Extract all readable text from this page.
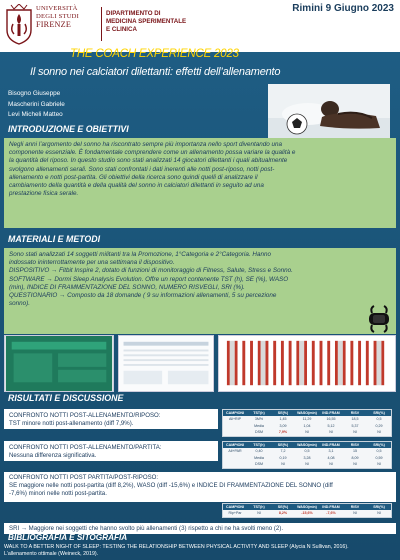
UNIVERSITÀ
DEGLI STUDI
FIRENZE
DIPARTIMENTO DI
MEDICINA SPERIMENTALE
E CLINICA
Rimini 9 Giugno 2023
THE COACH EXPERIENCE 2023
Il sonno nei calciatori dilettanti: effetti dell’allenamento
Bisogno Giuseppe
Mascherini Gabriele
Levi Micheli Matteo
INTRODUZIONE E OBIETTIVI
Negli anni l’argomento del sonno ha riscontrato sempre più importanza nello sport diventando una
componente essenziale. È fondamentale comprendere come un allenamento possa variare la qualità e
la quantità del riposo. In questo studio sono stati analizzati 14 giocatori dilettanti i quali abitualmente
svolgono allenamenti serali. Sono stati confrontati i dati inerenti alle notti post-riposo, notti post-
allenamento e notti post-partita. Gli obiettivi della ricerca sono quindi quelli di analizzare il
cambiamento della quantità e della qualità del sonno in calciatori dilettanti in seguito ad una
prestazione fisica serale.
MATERIALI E METODI
Sono stati analizzati 14 soggetti militanti tra la Promozione, 1°Categoria e 2°Categoria. Hanno
indossato ininterrottamente per una settimana il dispositivo.
DISPOSITIVO → Fitbit Inspire 2, dotato di funzioni di monitoraggio di Fitness, Salute, Stress e Sonno.
SOFTWARE → Dormi Sleep Analysis Evolution. Offre un report contenente TST (h), SE (%), WASO
(min), INDICE DI FRAMMENTAZIONE DEL SONNO, NUMERO RISVEGLI, SRI (%).
QUESTIONARIO → Composto da 18 domande ( 9 su informazioni allenamenti, 5 su percezione
sonno).
RISULTATI E DISCUSSIONE
CONFRONTO NOTTI POST-ALLENAMENTO/RIPOSO:
TST minore notti post-allenamento (diff 7,9%).
CAMPIONI	TST(h)	SE(%)	WASO(min)	IND.FRAM	RISV	SRI(%)
All+RIP	3M%	1,45	11,29	16,55	18,5	0,5
Media	3,09	1,04	5,12	5,37	0,29
DSM	7,9%	NI	NI	NI	NI
CONFRONTO NOTTI POST-ALLENAMENTO/PARTITA:
Nessuna differenza significativa.
CAMPIONI	TST(h)	SE(%)	WASO(min)	IND.FRAM	RISV	SRI(%)
All+PAR	0,40	7,2	0,5	3,1	15	0,5
Media	0,19	3,28	4,08	8,09	0,59
DSM	NI	NI	NI	NI	NI
CONFRONTO NOTTI POST PARTITA/POST-RIPOSO:
SE maggiore nelle notti post-partita (diff 8,2%), WASO (diff -15,6%) e INDICE DI FRAMMENTAZIONE DEL SONNO (diff
-7,6%) minori nelle notti post-partita.
CAMPIONI	TST(h)	SE(%)	WASO(min)	IND.FRAM	RISV	SRI(%)
Rip+Par	NI	8,2%	-15,6%	-7,6%	NI	NI
SRI → Maggiore nei soggetti che hanno svolto più allenamenti (3) rispetto a chi ne ha svolti meno (2).
BIBLIOGRAFIA E SITOGRAFIA
WALK TO A BETTER NIGHT OF SLEEP: TESTING THE RELATIONSHIP BETWEEN PHYSICAL ACTIVITY AND SLEEP (Alycia N Sullivan, 2016).
L’allenamento ottimale (Weineck, 2019).
